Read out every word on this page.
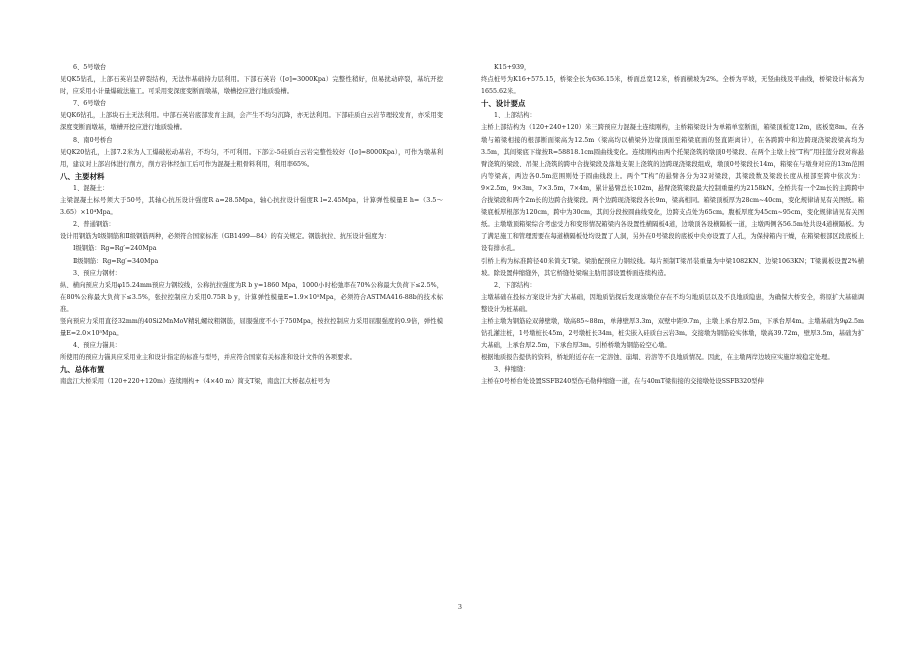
6、5号墩台

见QK5钻孔，上部石英岩呈碎裂结构，无法作基础持力层利用。下部石英岩（[σ]=3000Kpa）完整性稍好，但易扰动碎裂，基坑开挖时，应采用小计量爆破法施工。可采用变深度变断面墩基，墩槽挖应进行地质验槽。

7、6号墩台

见QK6钻孔，上部块石土无法利用。中部石英岩底部发育主洞，会产生不均匀沉降，亦无法利用。下部硅质白云岩节理较发育，亦采用变深度变断面墩基，墩槽开挖应进行地质验槽。

8、南0号桥台

见QK20钻孔，上部7.2米为人工爆破松动基岩，不均匀，不可利用。下部②-5硅质白云岩完整性较好（[σ]=8000Kpa），可作为墩基利用，建议对上部岩体进行削方，削方岩体经加工后可作为混凝土粗骨料利用，利用率65%。

八、主要材料

1、混凝土：

主梁混凝土标号须大于50号，其轴心抗压设计强度R a=28.5Mpa，轴心抗拉设计强度R l=2.45Mpa，计算弹性模量E h=（3.5～3.65）×10⁴Mpa。

2、普通钢筋：

设计用钢筋为Ⅰ级钢筋和Ⅱ级钢筋两种，必须符合国家标准（GB1499—84）的有关规定。钢筋抗拉、抗压设计强度为：

Ⅰ级钢筋：Rg=Rg′=240Mpa

Ⅱ级钢筋：Rg=Rg′=340Mpa

3、预应力钢材：

纵、横向预应力采用φ15.24mm预应力钢绞线，公称抗拉强度为R b y=1860 Mpa，1000小时松弛率在70%公称最大负荷下≤2.5%，在80%公称最大负荷下≤3.5%，张拉控制应力采用0.75R b y，计算弹性模量E=1.9×10⁵Mpa，必须符合ASTMA416-88b的技术标准。

竖向预应力采用直径32mm的40Si2MnMoV精轧螺纹粗钢筋，屈服强度不小于750Mpa，按拉控制应力采用屈服强度的0.9倍，弹性模量E=2.0×10⁵Mpa。

4、预应力锚具：

所使用的预应力锚具应采用业主和设计指定的标准与型号，并应符合国家有关标准和设计文件的各项要求。

九、总体布置

南盘江大桥采用（120+220+120m）连续刚构+（4×40 m）简支T梁，南盘江大桥起点桩号为

K15+939，

终点桩号为K16+575.15，桥梁全长为636.15米，桥面总宽12米，桥面横坡为2%。全桥为平坡，无竖曲线及平曲线，桥梁设计标高为1655.62米。

十、设计要点

1、上部结构：

主桥上部结构为（120+240+120）米三跨预应力混凝土连续刚构，主桥箱梁设计为单箱单室断面，箱梁顶板宽12m，底板宽8m。在各墩与箱梁相接的根部断面梁高为12.5m（梁高均以横梁外边缘顶面至箱梁底面的竖直距离计），在各跨跨中和边跨现浇梁段梁高均为3.5m，其间梁底下缘按R=58818.1cm圆曲线变化。连续刚构由两个托架浇筑的墩顶0号梁段、在两个主墩上按“T构”用挂篮分段对称悬臂浇筑的梁段、吊架上浇筑的跨中合拢梁段及落地支架上浇筑的边跨现浇梁段组成，墩顶0号梁段长14m，箱梁在与墩身对应的13m范围内等梁高，两边各0.5m范围则处于圆曲线段上。两个“T构”的悬臂各分为32对梁段，其梁段数及梁段长度从根部至跨中依次为：9×2.5m，9×3m，7×3.5m，7×4m，累计悬臂总长102m，悬臂浇筑梁段最大控制重量约为2158kN。全桥共有一个2m长的主跨跨中合拢梁段和两个2m长的边跨合拢梁段。两个边跨现浇梁段各长9m，梁高相同。箱梁顶板厚为28cm~40cm，变化规律请见有关图纸。箱梁底板厚根部为120cm，跨中为30cm，其间分段按圆曲线变化，边跨支点处为65cm。腹板厚度为45cm~95cm，变化规律请见有关图纸。主墩墩顶箱梁综合考虑受力和变形情况箱梁内各设置性横隔板4道，边墩顶各设横隔板一道，主墩两侧各56.5m处共设4道横隔板。为了满足施工和管理需要在每道横隔板处均设置了人洞，另外在0号梁段的底板中央亦设置了人孔，为保持箱内干燥，在箱梁根部区段底板上设有排水孔。

引桥上构为标准跨径40米简支T梁。梁肋配预应力钢绞线。每片预制T梁吊装重量为中梁1082KN、边梁1063KN；T梁翼板设置2%横坡。除设置伸缩缝外，其它桥缝处梁端主肋用部设置桥面连续构造。

2、下部结构：

主墩基础在投标方案设计为扩大基础，因地质钻探后发现该墩位存在不均匀地质层以及不良地质隐患，为确保大桥安全，将原扩大基础调整设计为桩基础。

主桥主墩为钢筋砼双薄壁墩，墩高85~88m，单薄壁厚3.3m，双壁中距9.7m，主墩上承台厚2.5m，下承台厚4m。主墩基础为9φ2.5m钻孔灌注桩，1号墩桩长45m，2号墩桩长34m，桩尖嵌入硅质白云岩3m。交接墩为钢筋砼实体墩，墩高39.72m，壁厚3.5m，基础为扩大基础，上承台厚2.5m，下承台厚3m。引桥桥墩为钢筋砼空心墩。

根据地质报告提供的资料，桥址附近存在一定溶蚀、崩塌、岩溶等不良地质情况。因此，在主墩两岸边坡应实施岸坡稳定处理。

3、伸缩缝：

主桥在0号桥台处设置SSFB240型伤毛勒伸缩缝一道，在与40mT梁衔接的交接墩处设SSFB320型伸

3
